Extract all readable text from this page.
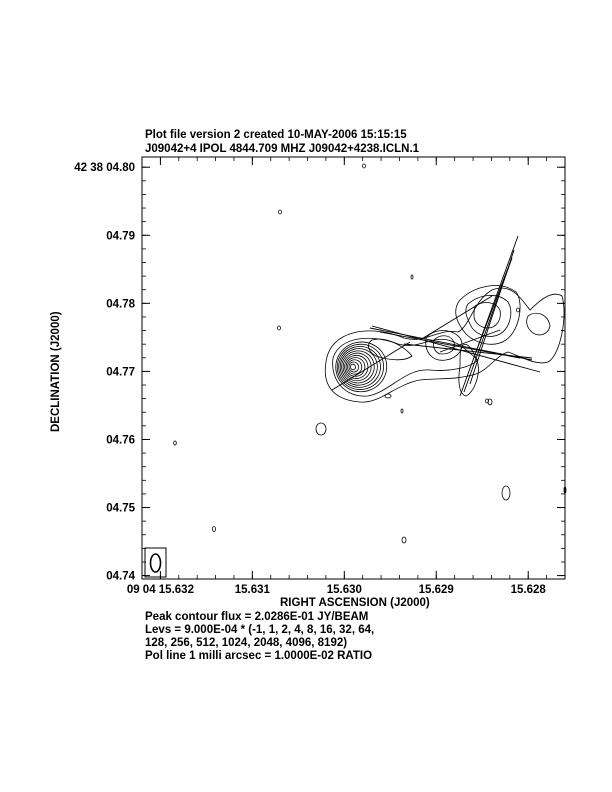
Plot file version 2 created 10-MAY-2006 15:15:15
J09042+4 IPOL 4844.709 MHZ J09042+4238.ICLN.1
42 38 04.80
04.79
04.78
04.77
04.76
04.75
04.74
09 04 15.632	15.631	15.630	15.629	15.628
DECLINATION (J2000)
RIGHT ASCENSION (J2000)
Peak contour flux = 2.0286E-01 JY/BEAM
Levs = 9.000E-04 * (-1, 1, 2, 4, 8, 16, 32, 64,
128, 256, 512, 1024, 2048, 4096, 8192)
Pol line 1 milli arcsec = 1.0000E-02 RATIO
